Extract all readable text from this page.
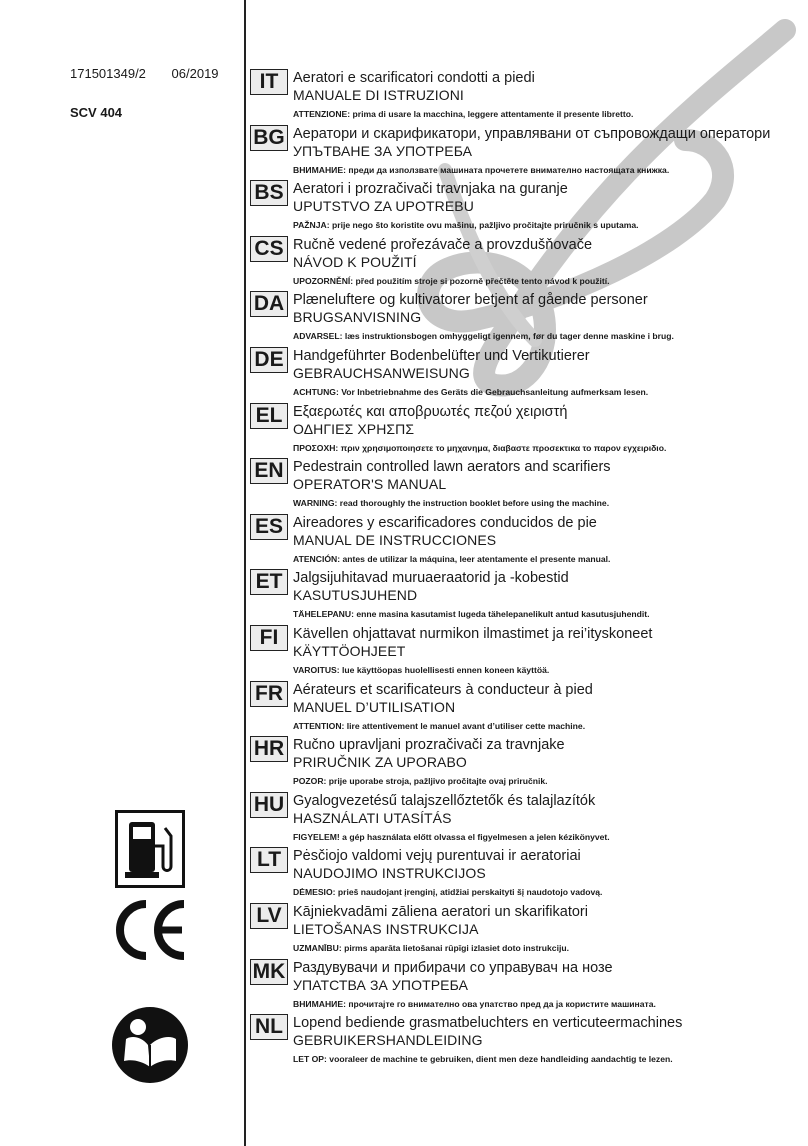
171501349/2 06/2019
SCV 404
IT	Aeratori e scarificatori condotti a piedi
MANUALE DI ISTRUZIONI
ATTENZIONE: prima di usare la macchina, leggere attentamente il presente libretto.
BG Аератори и скарификатори, управлявани от съпровождащи оператори
УПЪТВАНЕ ЗА УПОТРЕБА
ВНИМАНИЕ: преди да използвате машината прочетете внимателно настоящата книжка.
BS Aeratori i prozračivači travnjaka na guranje
UPUTSTVO ZA UPOTREBU
PAŽNJA: prije nego što koristite ovu mašinu, pažljivo pročitajte priručnik s uputama.
CS Ručně vedené prořezávače a provzdušňovače
NÁVOD K POUŽITÍ
UPOZORNĚNÍ: před použitím stroje si pozorně přečtěte tento návod k použití.
DA Plæneluftere og kultivatorer betjent af gående personer
BRUGSANVISNING
ADVARSEL: læs instruktionsbogen omhyggeligt igennem, før du tager denne maskine i brug.
DE Handgeführter Bodenbelüfter und Vertikutierer
GEBRAUCHSANWEISUNG
ACHTUNG: Vor Inbetriebnahme des Geräts die Gebrauchsanleitung aufmerksam lesen.
EL Εξαερωτές και αποβρυωτές πεζού χειριστή
ΟΔΗΓΙΕΣ ΧΡΗΣΠΣ
ΠΡΟΣΟΧΗ: πριν χρησιμοποιησετε το μηχανημα, διαβαστε προσεκτικα το παρον εγχειριδιο.
EN Pedestrain controlled lawn aerators and scarifiers
OPERATOR'S MANUAL
WARNING: read thoroughly the instruction booklet before using the machine.
ES Aireadores y escarificadores conducidos de pie
MANUAL DE INSTRUCCIONES
ATENCIÓN: antes de utilizar la máquina, leer atentamente el presente manual.
ET Jalgsijuhitavad muruaeraatorid ja -kobestid
KASUTUSJUHEND
TÄHELEPANU: enne masina kasutamist lugeda tähelepanelikult antud kasutusjuhendit.
FI	Kävellen ohjattavat nurmikon ilmastimet ja rei’ityskoneet
KÄYTTÖOHJEET
VAROITUS: lue käyttöopas huolellisesti ennen koneen käyttöä.
FR Aérateurs et scarificateurs à conducteur à pied
MANUEL D’UTILISATION
ATTENTION: lire attentivement le manuel avant d’utiliser cette machine.
HR Ručno upravljani prozračivači za travnjake
PRIRUČNIK ZA UPORABO
POZOR: prije uporabe stroja, pažljivo pročitajte ovaj priručnik.
HU Gyalogvezetésű talajszellőztetők és talajlazítók
HASZNÁLATI UTASÍTÁS
FIGYELEM! a gép használata előtt olvassa el figyelmesen a jelen kézikönyvet.
LT Pėsčiojo valdomi vejų purentuvai ir aeratoriai
NAUDOJIMO INSTRUKCIJOS
DĖMESIO: prieš naudojant įrenginį, atidžiai perskaityti šį naudotojo vadovą.
LV Kājniekvadāmi zāliena aeratori un skarifikatori
LIETOŠANAS INSTRUKCIJA
UZMANĪBU: pirms aparāta lietošanai rūpīgi izlasiet doto instrukciju.
MK Раздувувачи и прибирачи со управувач на нозе
УПАТСТВА ЗА УПОТРЕБА
ВНИМАНИЕ: прочитајте го внимателно ова упатство пред да ја користите машината.
NL Lopend bediende grasmatbeluchters en verticuteermachines
GEBRUIKERSHANDLEIDING
LET OP: vooraleer de machine te gebruiken, dient men deze handleiding aandachtig te lezen.
